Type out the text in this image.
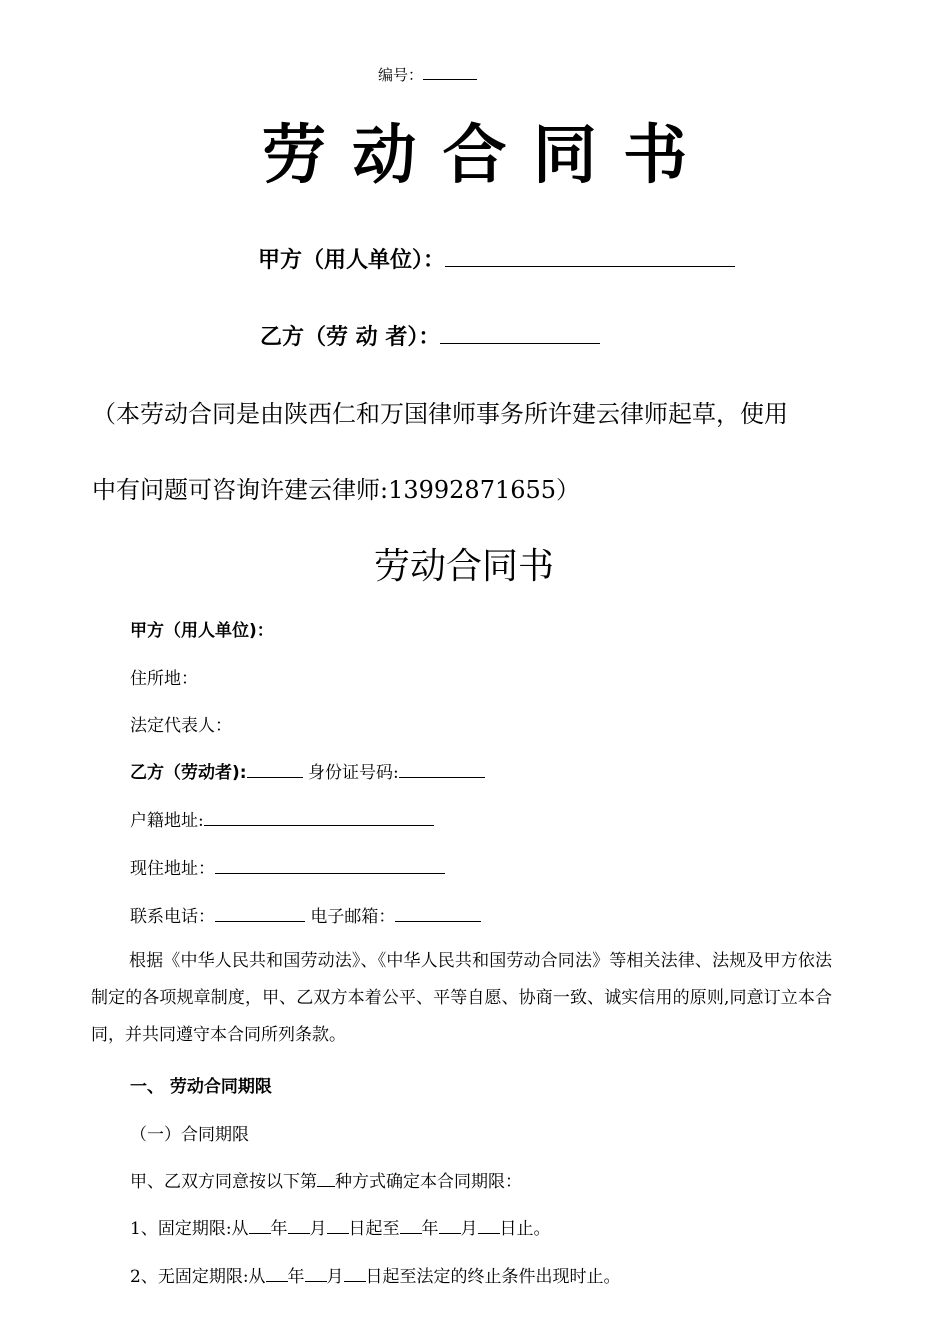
编号：
劳 动 合 同 书
甲方（用人单位）：
乙方（劳 动 者）：
（本劳动合同是由陕西仁和万国律师事务所许建云律师起草，使用
中有问题可咨询许建云律师:13992871655）
劳动合同书
甲方（用人单位)：
住所地：
法定代表人：
乙方（劳动者):	身份证号码:
户籍地址:
现住地址：
联系电话：	电子邮箱：
根据《中华人民共和国劳动法》、《中华人民共和国劳动合同法》等相关法律、法规及甲方依法制定的各项规章制度，甲、乙双方本着公平、平等自愿、协商一致、诚实信用的原则,同意订立本合同，并共同遵守本合同所列条款。
一、 劳动合同期限
（一）合同期限
甲、乙双方同意按以下第 种方式确定本合同期限：
1、固定期限:从 年 月 日起至 年 月 日止。
2、无固定期限:从 年 月 日起至法定的终止条件出现时止。
